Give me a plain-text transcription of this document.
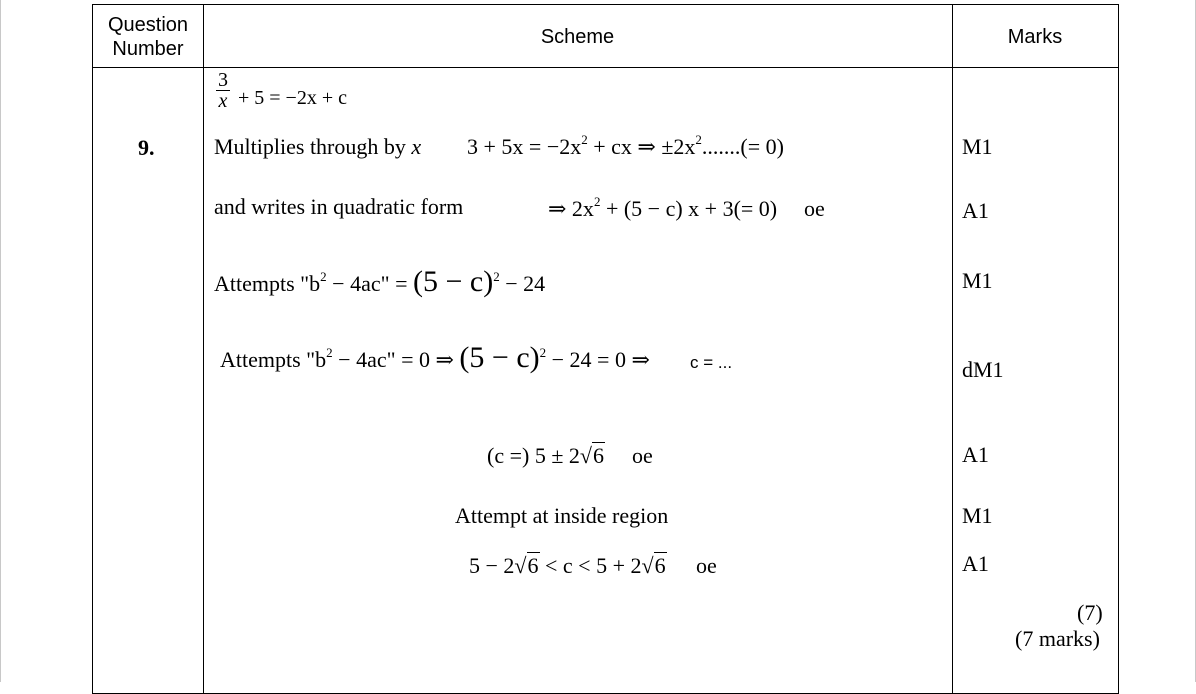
Question
Number
Scheme	Marks
9.
$\frac{3}{x} + 5 = -2x + c$
Multiplies through by x $3 + 5x = -2x^2$ + cx ⇒ $\pm 2x^2.......(= 0)$
and writes in quadratic form	⇒ $2x^2 + (5 - c) x + 3(= 0)$ oe
Attempts "$b^2 - 4ac$" = $(5 - c)^2 - 24$
Attempts "$b^2 - 4ac$" = 0 ⇒ $(5 - c)^2 - 24 = 0$ ⇒ c = ...
(c =) 5 ± 2√6 oe
Attempt at inside region
5 − 2√6 < c < 5 + 2√6 oe
M1
A1
M1
dM1
A1
M1
A1
(7)
(7 marks)
